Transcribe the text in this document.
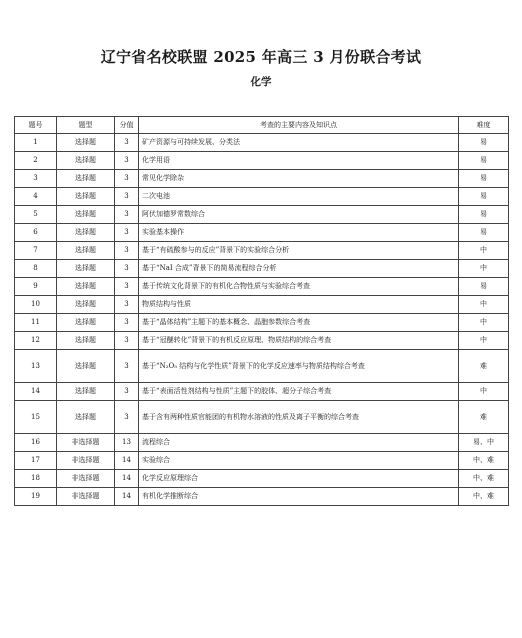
辽宁省名校联盟 2025 年高三 3 月份联合考试
化学
题号	题型	分值	考查的主要内容及知识点	难度
1	选择题	3	矿产资源与可持续发展、分类法	易
2	选择题	3	化学用语	易
3	选择题	3	常见化学除杂	易
4	选择题	3	二次电池	易
5	选择题	3	阿伏加德罗常数综合	易
6	选择题	3	实验基本操作	易
7	选择题	3	基于“有硫酸参与的反应”背景下的实验综合分析	中
8	选择题	3	基于“NaI 合成”背景下的简易流程综合分析	中
9	选择题	3	基于传统文化背景下的有机化合物性质与实验综合考查	易
10	选择题	3	物质结构与性质	中
11	选择题	3	基于“晶体结构”主题下的基本概念、晶胞参数综合考查	中
12	选择题	3	基于“冠醚转化”背景下的有机反应原理、物质结构的综合考查	中
13	选择题	3	基于“N₂O₅ 结构与化学性质”背景下的化学反应速率与物质结构综合考查	难
14	选择题	3	基于“表面活性剂结构与性质”主题下的胶体、超分子综合考查	中
15	选择题	3	基于含有两种性质官能团的有机物水溶液的性质及离子平衡的综合考查	难
16	非选择题	13	流程综合	易、中
17	非选择题	14	实验综合	中、难
18	非选择题	14	化学反应原理综合	中、难
19	非选择题	14	有机化学推断综合	中、难
